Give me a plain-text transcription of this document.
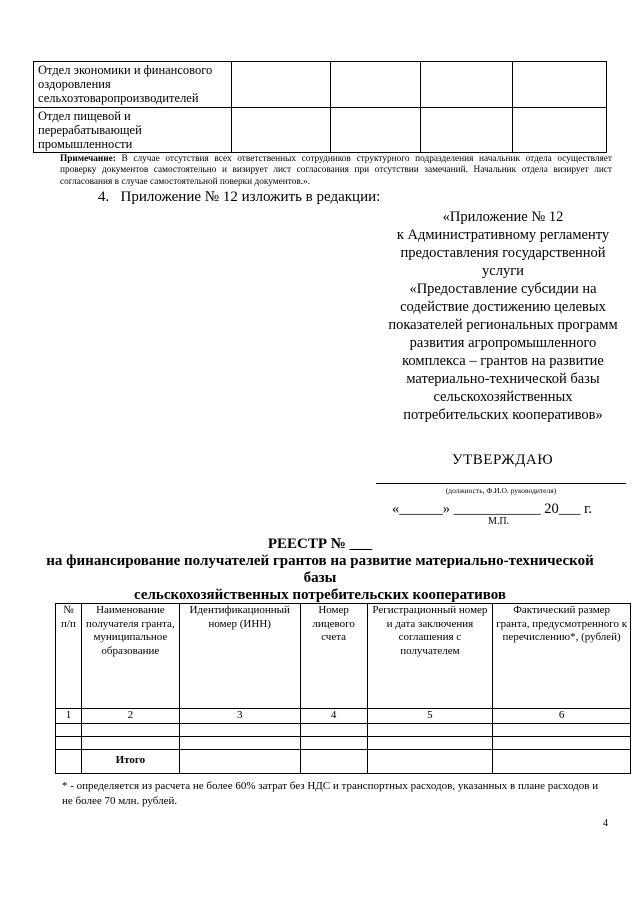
Отдел экономики и финансового оздоровления сельхозтоваропроизводителей				
Отдел пищевой и перерабатывающей промышленности				
Примечание: В случае отсутствия всех ответственных сотрудников структурного подразделения начальник отдела осуществляет проверку документов самостоятельно и визирует лист согласования при отсутствии замечаний. Начальник отдела визирует лист согласования в случае самостоятельной поверки документов.».
4.   Приложение № 12 изложить в редакции:
«Приложение № 12
к Административному регламенту
предоставления государственной
услуги
«Предоставление субсидии на
содействие достижению целевых
показателей региональных программ
развития агропромышленного
комплекса – грантов на развитие
материально-технической базы
сельскохозяйственных
потребительских кооперативов»
УТВЕРЖДАЮ
(должность, Ф.И.О. руководителя)
«______» ____________ 20___ г.
М.П.
РЕЕСТР № ___
на финансирование получателей грантов на развитие материально-технической
базы
сельскохозяйственных потребительских кооперативов
№ п/п	Наименование получателя гранта, муниципальное образование	Идентификационный номер (ИНН)	Номер лицевого счета	Регистрационный номер и дата заключения соглашения с получателем	Фактический размер гранта, предусмотренного к перечислению*, (рублей)
1	2	3	4	5	6

	Итого				
* - определяется из расчета не более 60% затрат без НДС и транспортных расходов, указанных в плане расходов и не более 70 млн. рублей.
4
